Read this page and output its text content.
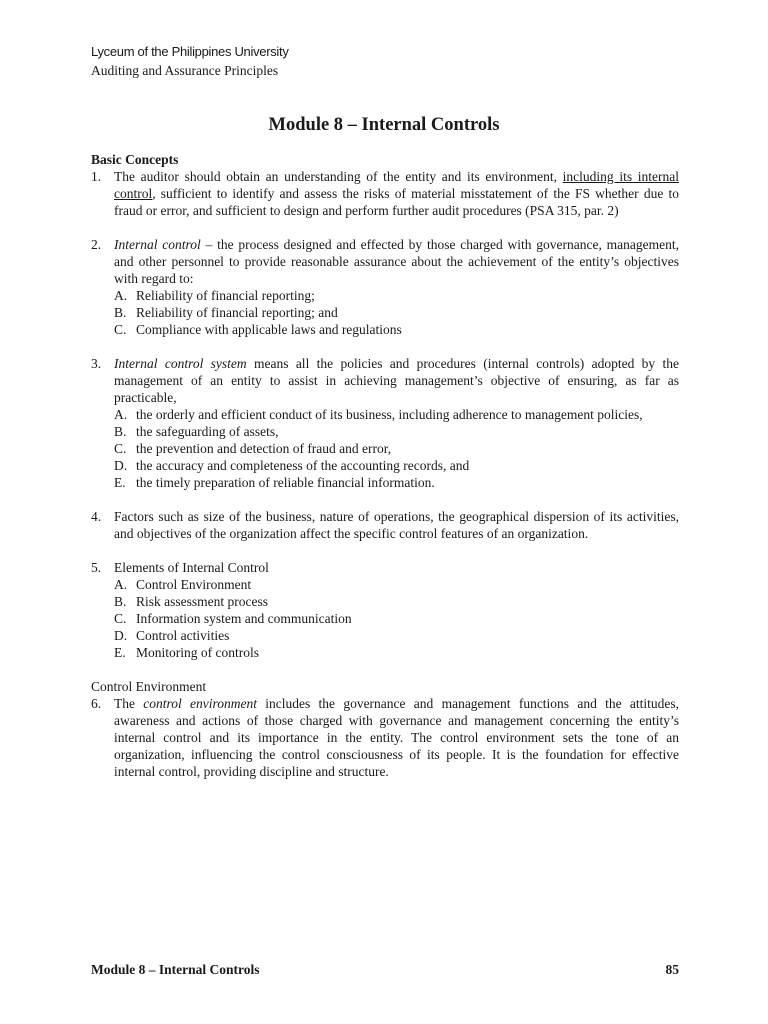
Lyceum of the Philippines University
Auditing and Assurance Principles
Module 8 – Internal Controls
Basic Concepts
1. The auditor should obtain an understanding of the entity and its environment, including its internal control, sufficient to identify and assess the risks of material misstatement of the FS whether due to fraud or error, and sufficient to design and perform further audit procedures (PSA 315, par. 2)
2. Internal control – the process designed and effected by those charged with governance, management, and other personnel to provide reasonable assurance about the achievement of the entity’s objectives with regard to:
A. Reliability of financial reporting;
B. Reliability of financial reporting; and
C. Compliance with applicable laws and regulations
3. Internal control system means all the policies and procedures (internal controls) adopted by the management of an entity to assist in achieving management’s objective of ensuring, as far as practicable,
A. the orderly and efficient conduct of its business, including adherence to management policies,
B. the safeguarding of assets,
C. the prevention and detection of fraud and error,
D. the accuracy and completeness of the accounting records, and
E. the timely preparation of reliable financial information.
4. Factors such as size of the business, nature of operations, the geographical dispersion of its activities, and objectives of the organization affect the specific control features of an organization.
5. Elements of Internal Control
A. Control Environment
B. Risk assessment process
C. Information system and communication
D. Control activities
E. Monitoring of controls
Control Environment
6. The control environment includes the governance and management functions and the attitudes, awareness and actions of those charged with governance and management concerning the entity’s internal control and its importance in the entity. The control environment sets the tone of an organization, influencing the control consciousness of its people. It is the foundation for effective internal control, providing discipline and structure.
Module 8 – Internal Controls	85
